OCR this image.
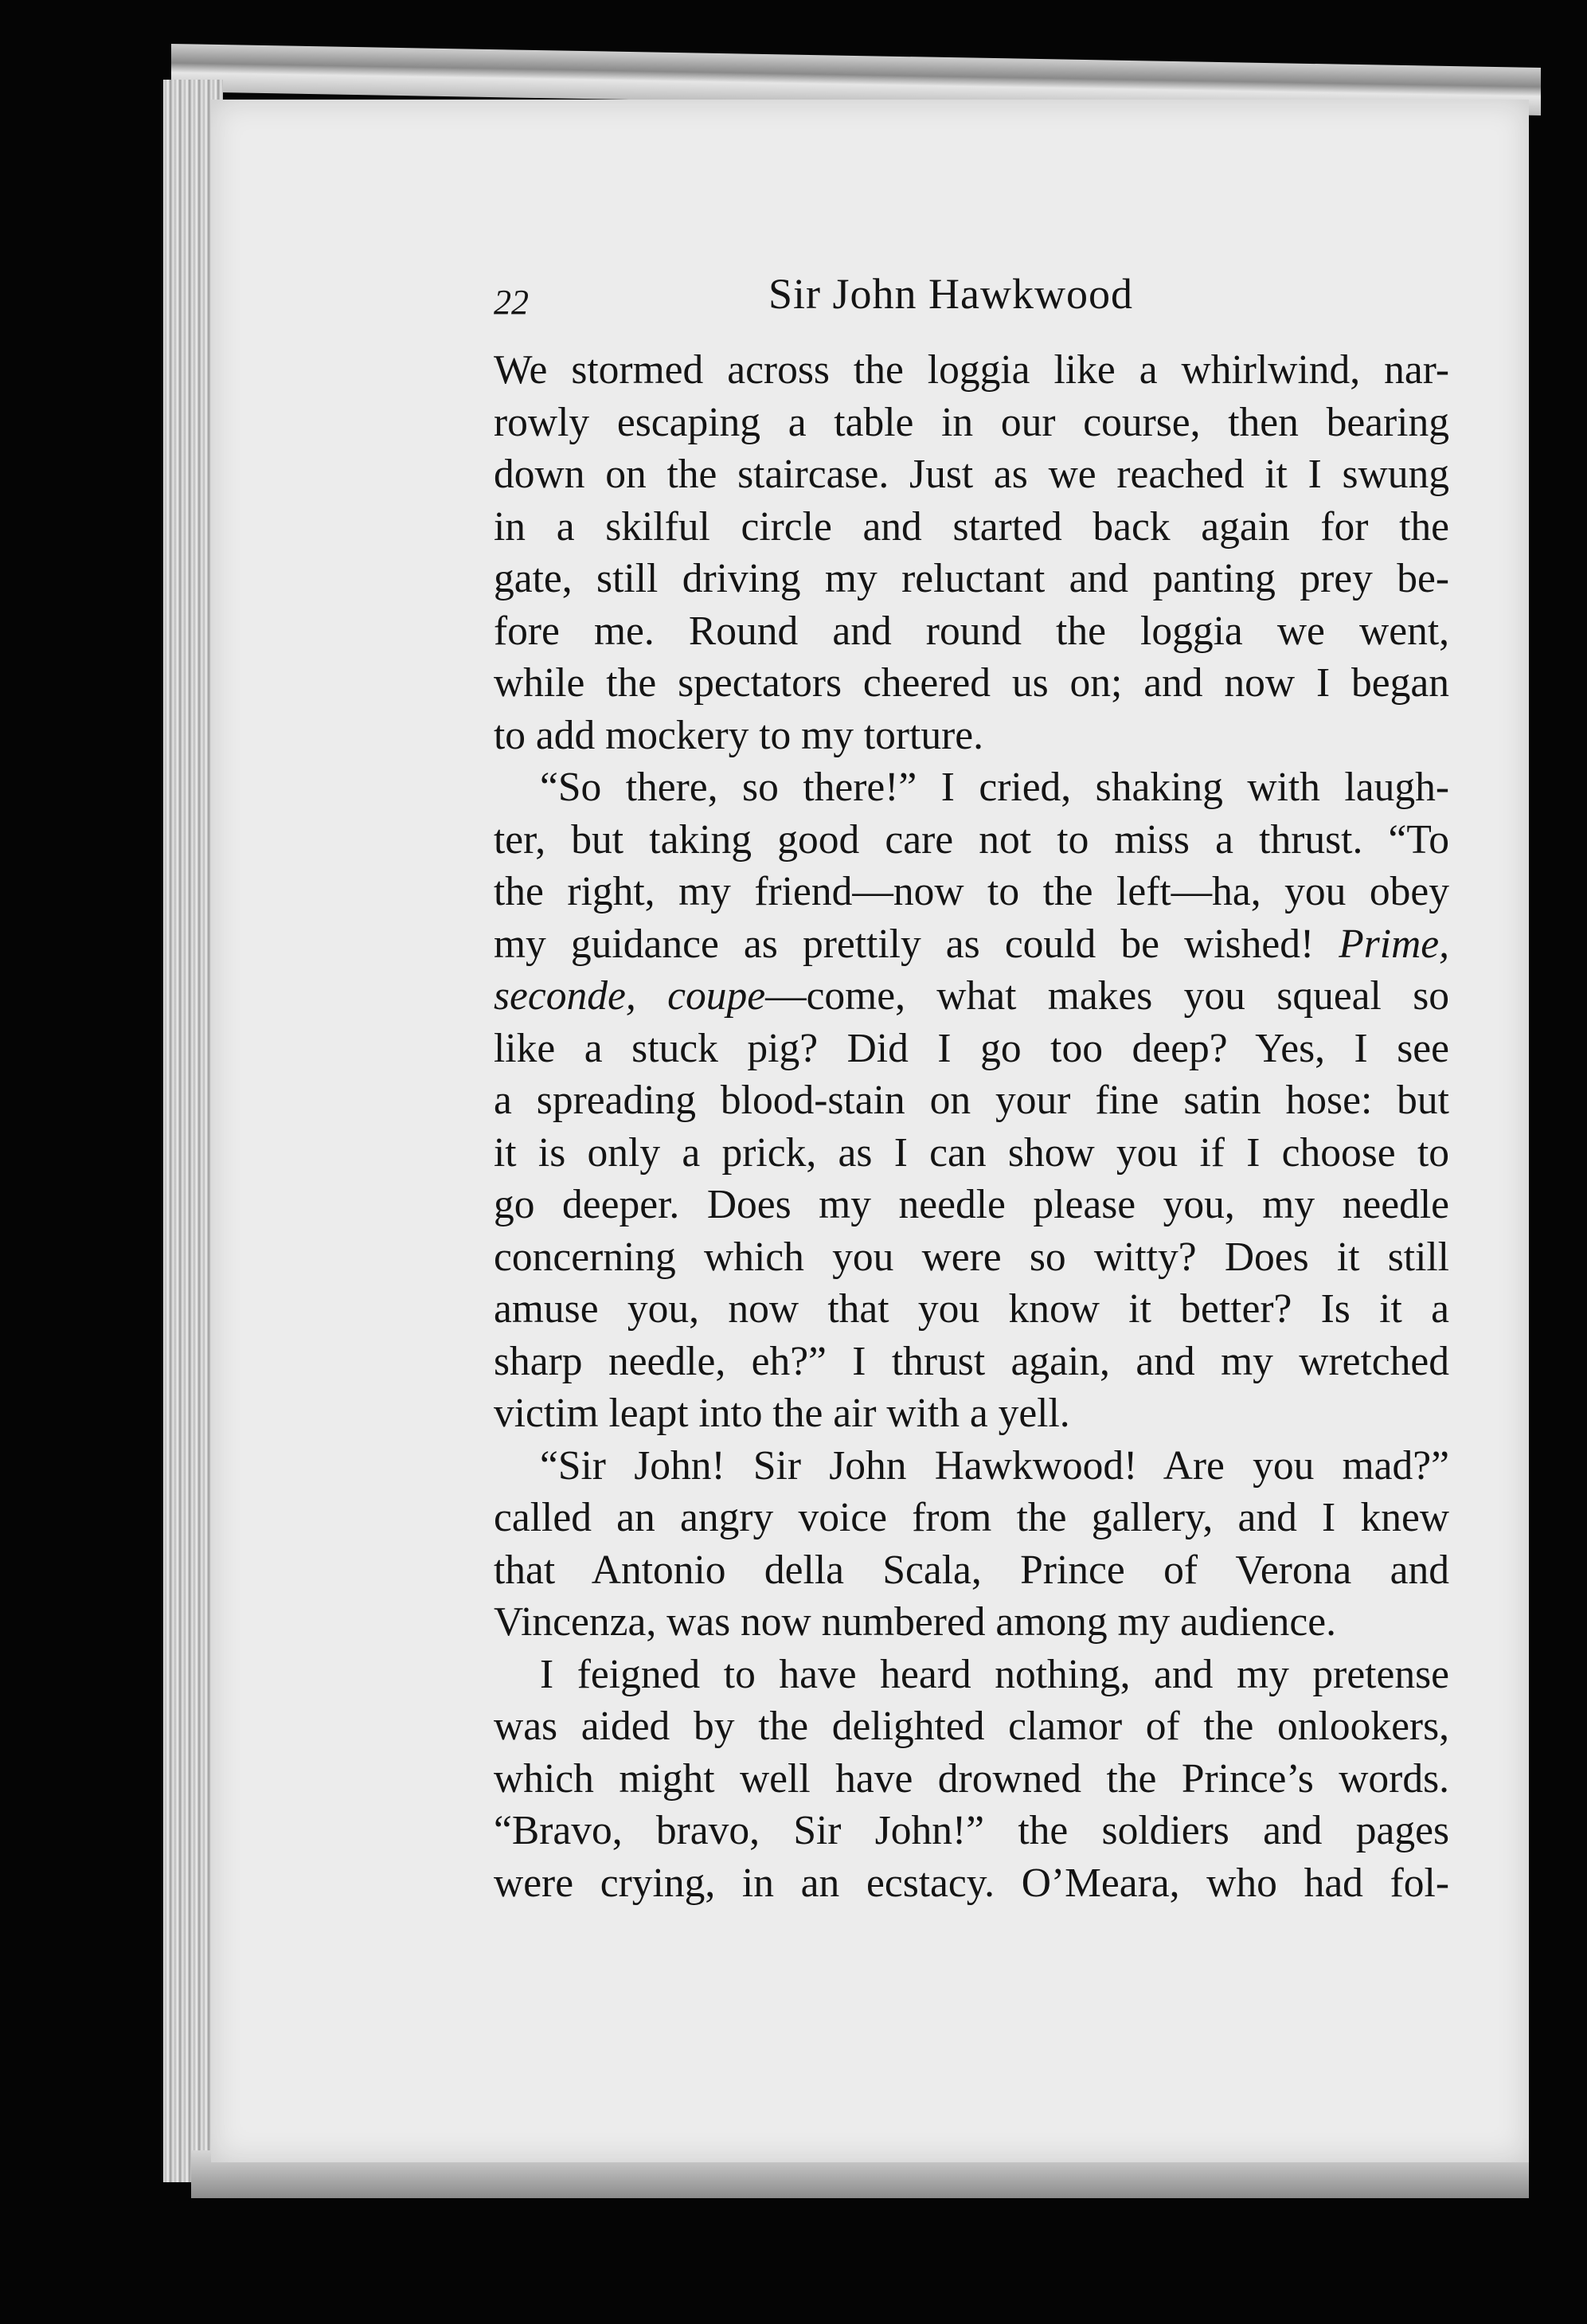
22	Sir John Hawkwood
We stormed across the loggia like a whirlwind, nar-
rowly escaping a table in our course, then bearing
down on the staircase. Just as we reached it I swung
in a skilful circle and started back again for the
gate, still driving my reluctant and panting prey be-
fore me. Round and round the loggia we went,
while the spectators cheered us on; and now I began
to add mockery to my torture.
“So there, so there!” I cried, shaking with laugh-
ter, but taking good care not to miss a thrust. “To
the right, my friend—now to the left—ha, you obey
my guidance as prettily as could be wished! Prime,
seconde, coupe—come, what makes you squeal so
like a stuck pig? Did I go too deep? Yes, I see
a spreading blood-stain on your fine satin hose: but
it is only a prick, as I can show you if I choose to
go deeper. Does my needle please you, my needle
concerning which you were so witty? Does it still
amuse you, now that you know it better? Is it a
sharp needle, eh?” I thrust again, and my wretched
victim leapt into the air with a yell.
“Sir John! Sir John Hawkwood! Are you mad?”
called an angry voice from the gallery, and I knew
that Antonio della Scala, Prince of Verona and
Vincenza, was now numbered among my audience.
I feigned to have heard nothing, and my pretense
was aided by the delighted clamor of the onlookers,
which might well have drowned the Prince’s words.
“Bravo, bravo, Sir John!” the soldiers and pages
were crying, in an ecstacy. O’Meara, who had fol-
